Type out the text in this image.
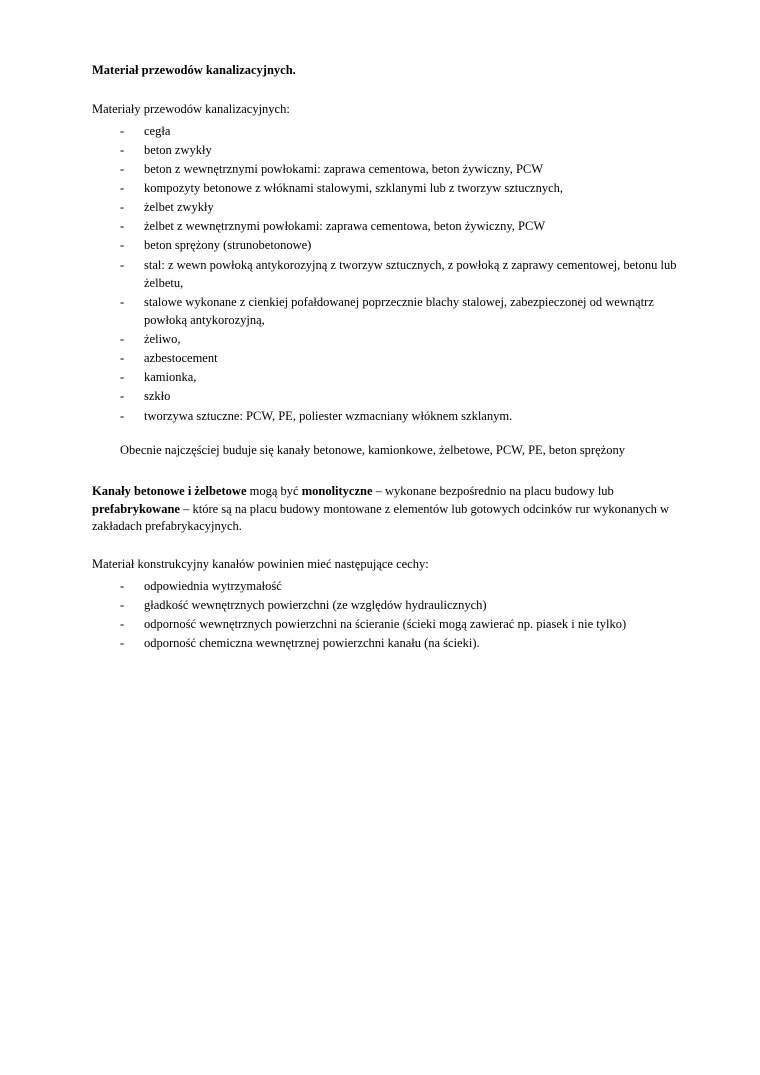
Materiał przewodów kanalizacyjnych.

Materiały przewodów kanalizacyjnych:

- cegła
- beton zwykły
- beton z wewnętrznymi powłokami: zaprawa cementowa, beton żywiczny, PCW
- kompozyty betonowe z włóknami stalowymi, szklanymi lub z tworzyw sztucznych,
- żelbet zwykły
- żelbet z wewnętrznymi powłokami: zaprawa cementowa, beton żywiczny, PCW
- beton sprężony (strunobetonowe)
- stal: z wewn powłoką antykorozyjną z tworzyw sztucznych, z powłoką z zaprawy cementowej, betonu lub żelbetu,
- stalowe wykonane z cienkiej pofałdowanej poprzecznie blachy stalowej, zabezpieczonej od wewnątrz powłoką antykorozyjną,
- żeliwo,
- azbestocement
- kamionka,
- szkło
- tworzywa sztuczne: PCW, PE, poliester wzmacniany włóknem szklanym.

Obecnie najczęściej buduje się kanały betonowe, kamionkowe, żelbetowe, PCW, PE, beton sprężony

Kanały betonowe i żelbetowe mogą być monolityczne – wykonane bezpośrednio na placu budowy lub prefabrykowane – które są na placu budowy montowane z elementów lub gotowych odcinków rur wykonanych w zakładach prefabrykacyjnych.

Materiał konstrukcyjny kanałów powinien mieć następujące cechy:

- odpowiednia wytrzymałość
- gładkość wewnętrznych powierzchni (ze względów hydraulicznych)
- odporność wewnętrznych powierzchni na ścieranie (ścieki mogą zawierać np. piasek i nie tylko)
- odporność chemiczna wewnętrznej powierzchni kanału (na ścieki).
